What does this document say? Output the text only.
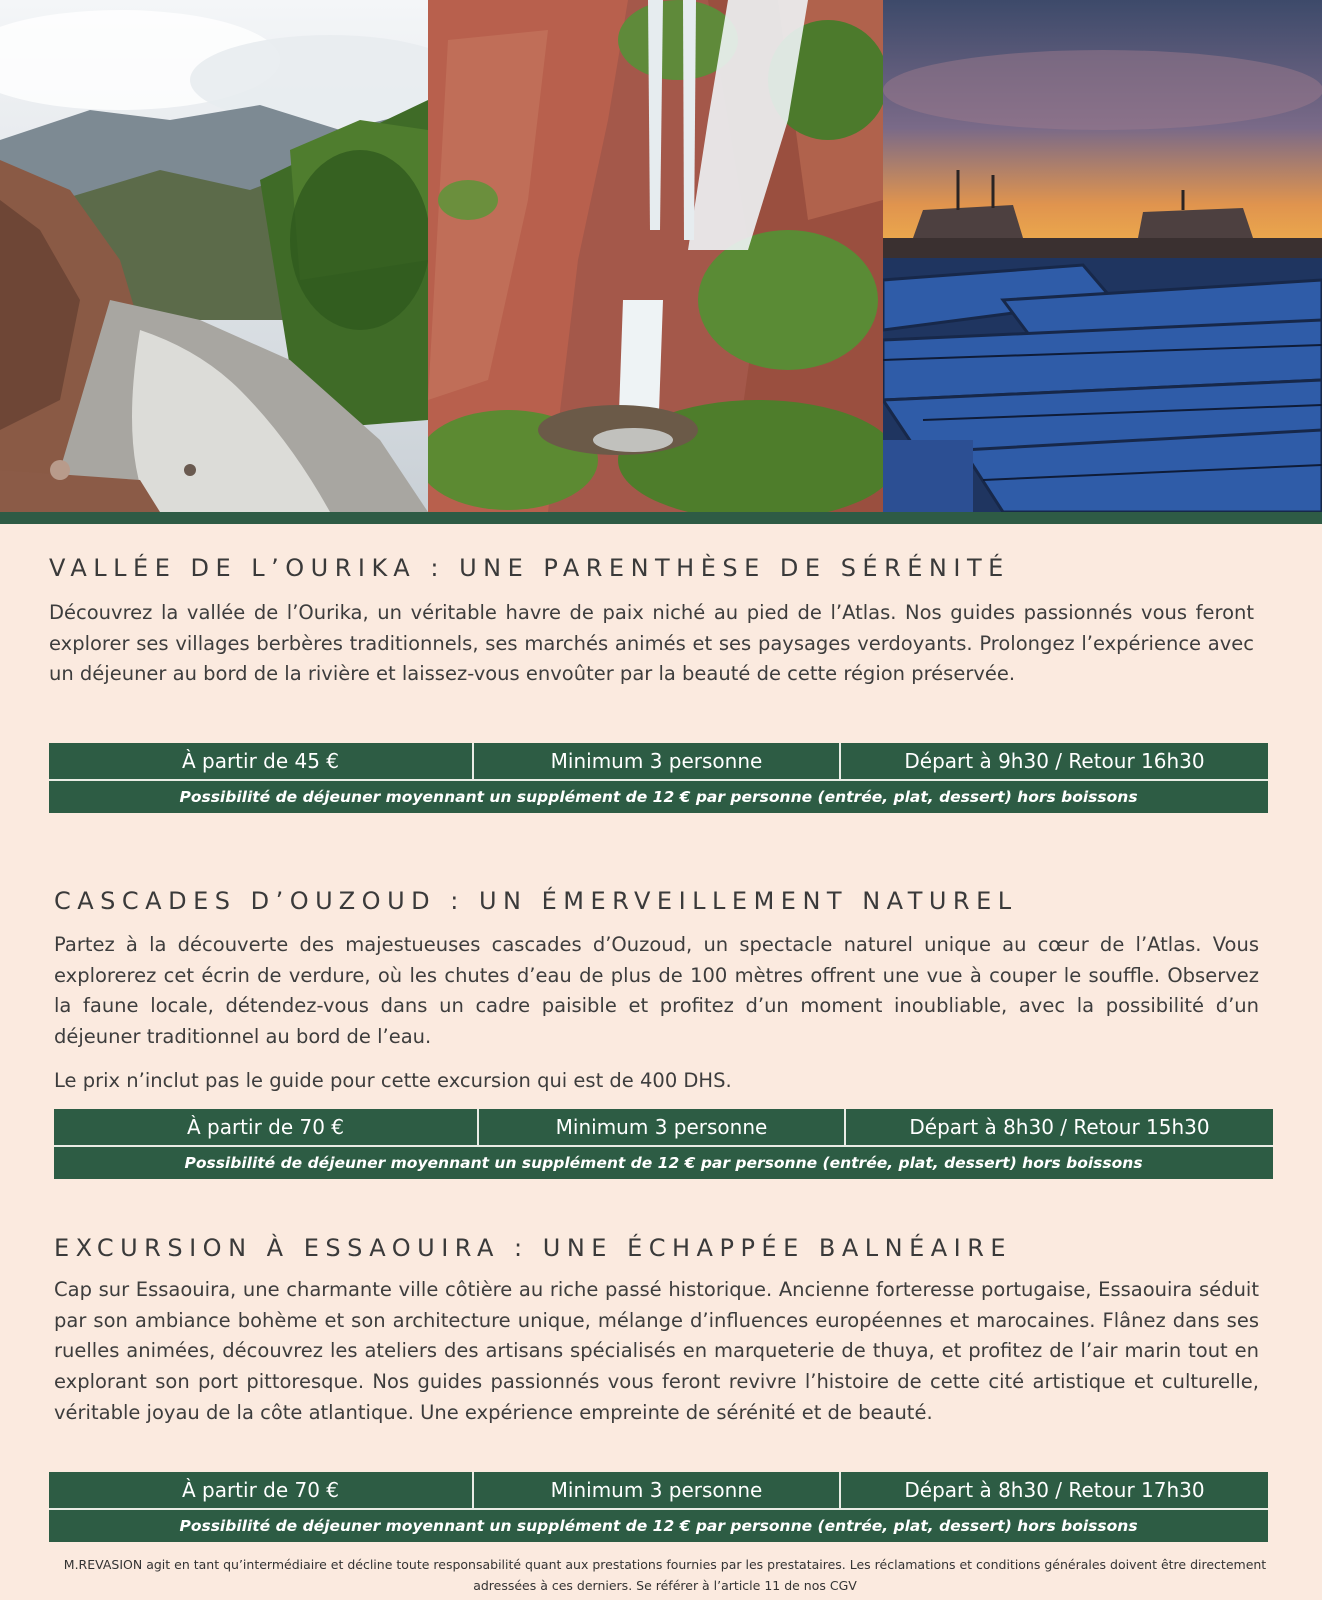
VALLÉE DE L’OURIKA : UNE PARENTHÈSE DE SÉRÉNITÉ

Découvrez la vallée de l’Ourika, un véritable havre de paix niché au pied de l’Atlas. Nos guides passionnés vous feront explorer ses villages berbères traditionnels, ses marchés animés et ses paysages verdoyants. Prolongez l’expérience avec un déjeuner au bord de la rivière et laissez-vous envoûter par la beauté de cette région préservée.

À partir de 45 €	Minimum 3 personne	Départ à 9h30 / Retour 16h30
Possibilité de déjeuner moyennant un supplément de 12 € par personne (entrée, plat, dessert) hors boissons
CASCADES D’OUZOUD : UN ÉMERVEILLEMENT NATUREL

Partez à la découverte des majestueuses cascades d’Ouzoud, un spectacle naturel unique au cœur de l’Atlas. Vous explorerez cet écrin de verdure, où les chutes d’eau de plus de 100 mètres offrent une vue à couper le souffle. Observez la faune locale, détendez-vous dans un cadre paisible et profitez d’un moment inoubliable, avec la possibilité d’un déjeuner traditionnel au bord de l’eau.

Le prix n’inclut pas le guide pour cette excursion qui est de 400 DHS.

À partir de 70 €	Minimum 3 personne	Départ à 8h30 / Retour 15h30
Possibilité de déjeuner moyennant un supplément de 12 € par personne (entrée, plat, dessert) hors boissons
EXCURSION À ESSAOUIRA : UNE ÉCHAPPÉE BALNÉAIRE

Cap sur Essaouira, une charmante ville côtière au riche passé historique. Ancienne forteresse portugaise, Essaouira séduit par son ambiance bohème et son architecture unique, mélange d’influences européennes et marocaines. Flânez dans ses ruelles animées, découvrez les ateliers des artisans spécialisés en marqueterie de thuya, et profitez de l’air marin tout en explorant son port pittoresque. Nos guides passionnés vous feront revivre l’histoire de cette cité artistique et culturelle, véritable joyau de la côte atlantique. Une expérience empreinte de sérénité et de beauté.

À partir de 70 €	Minimum 3 personne	Départ à 8h30 / Retour 17h30
Possibilité de déjeuner moyennant un supplément de 12 € par personne (entrée, plat, dessert) hors boissons
M.REVASION agit en tant qu’intermédiaire et décline toute responsabilité quant aux prestations fournies par les prestataires. Les réclamations et conditions générales doivent être directement adressées à ces derniers. Se référer à l’article 11 de nos CGV
